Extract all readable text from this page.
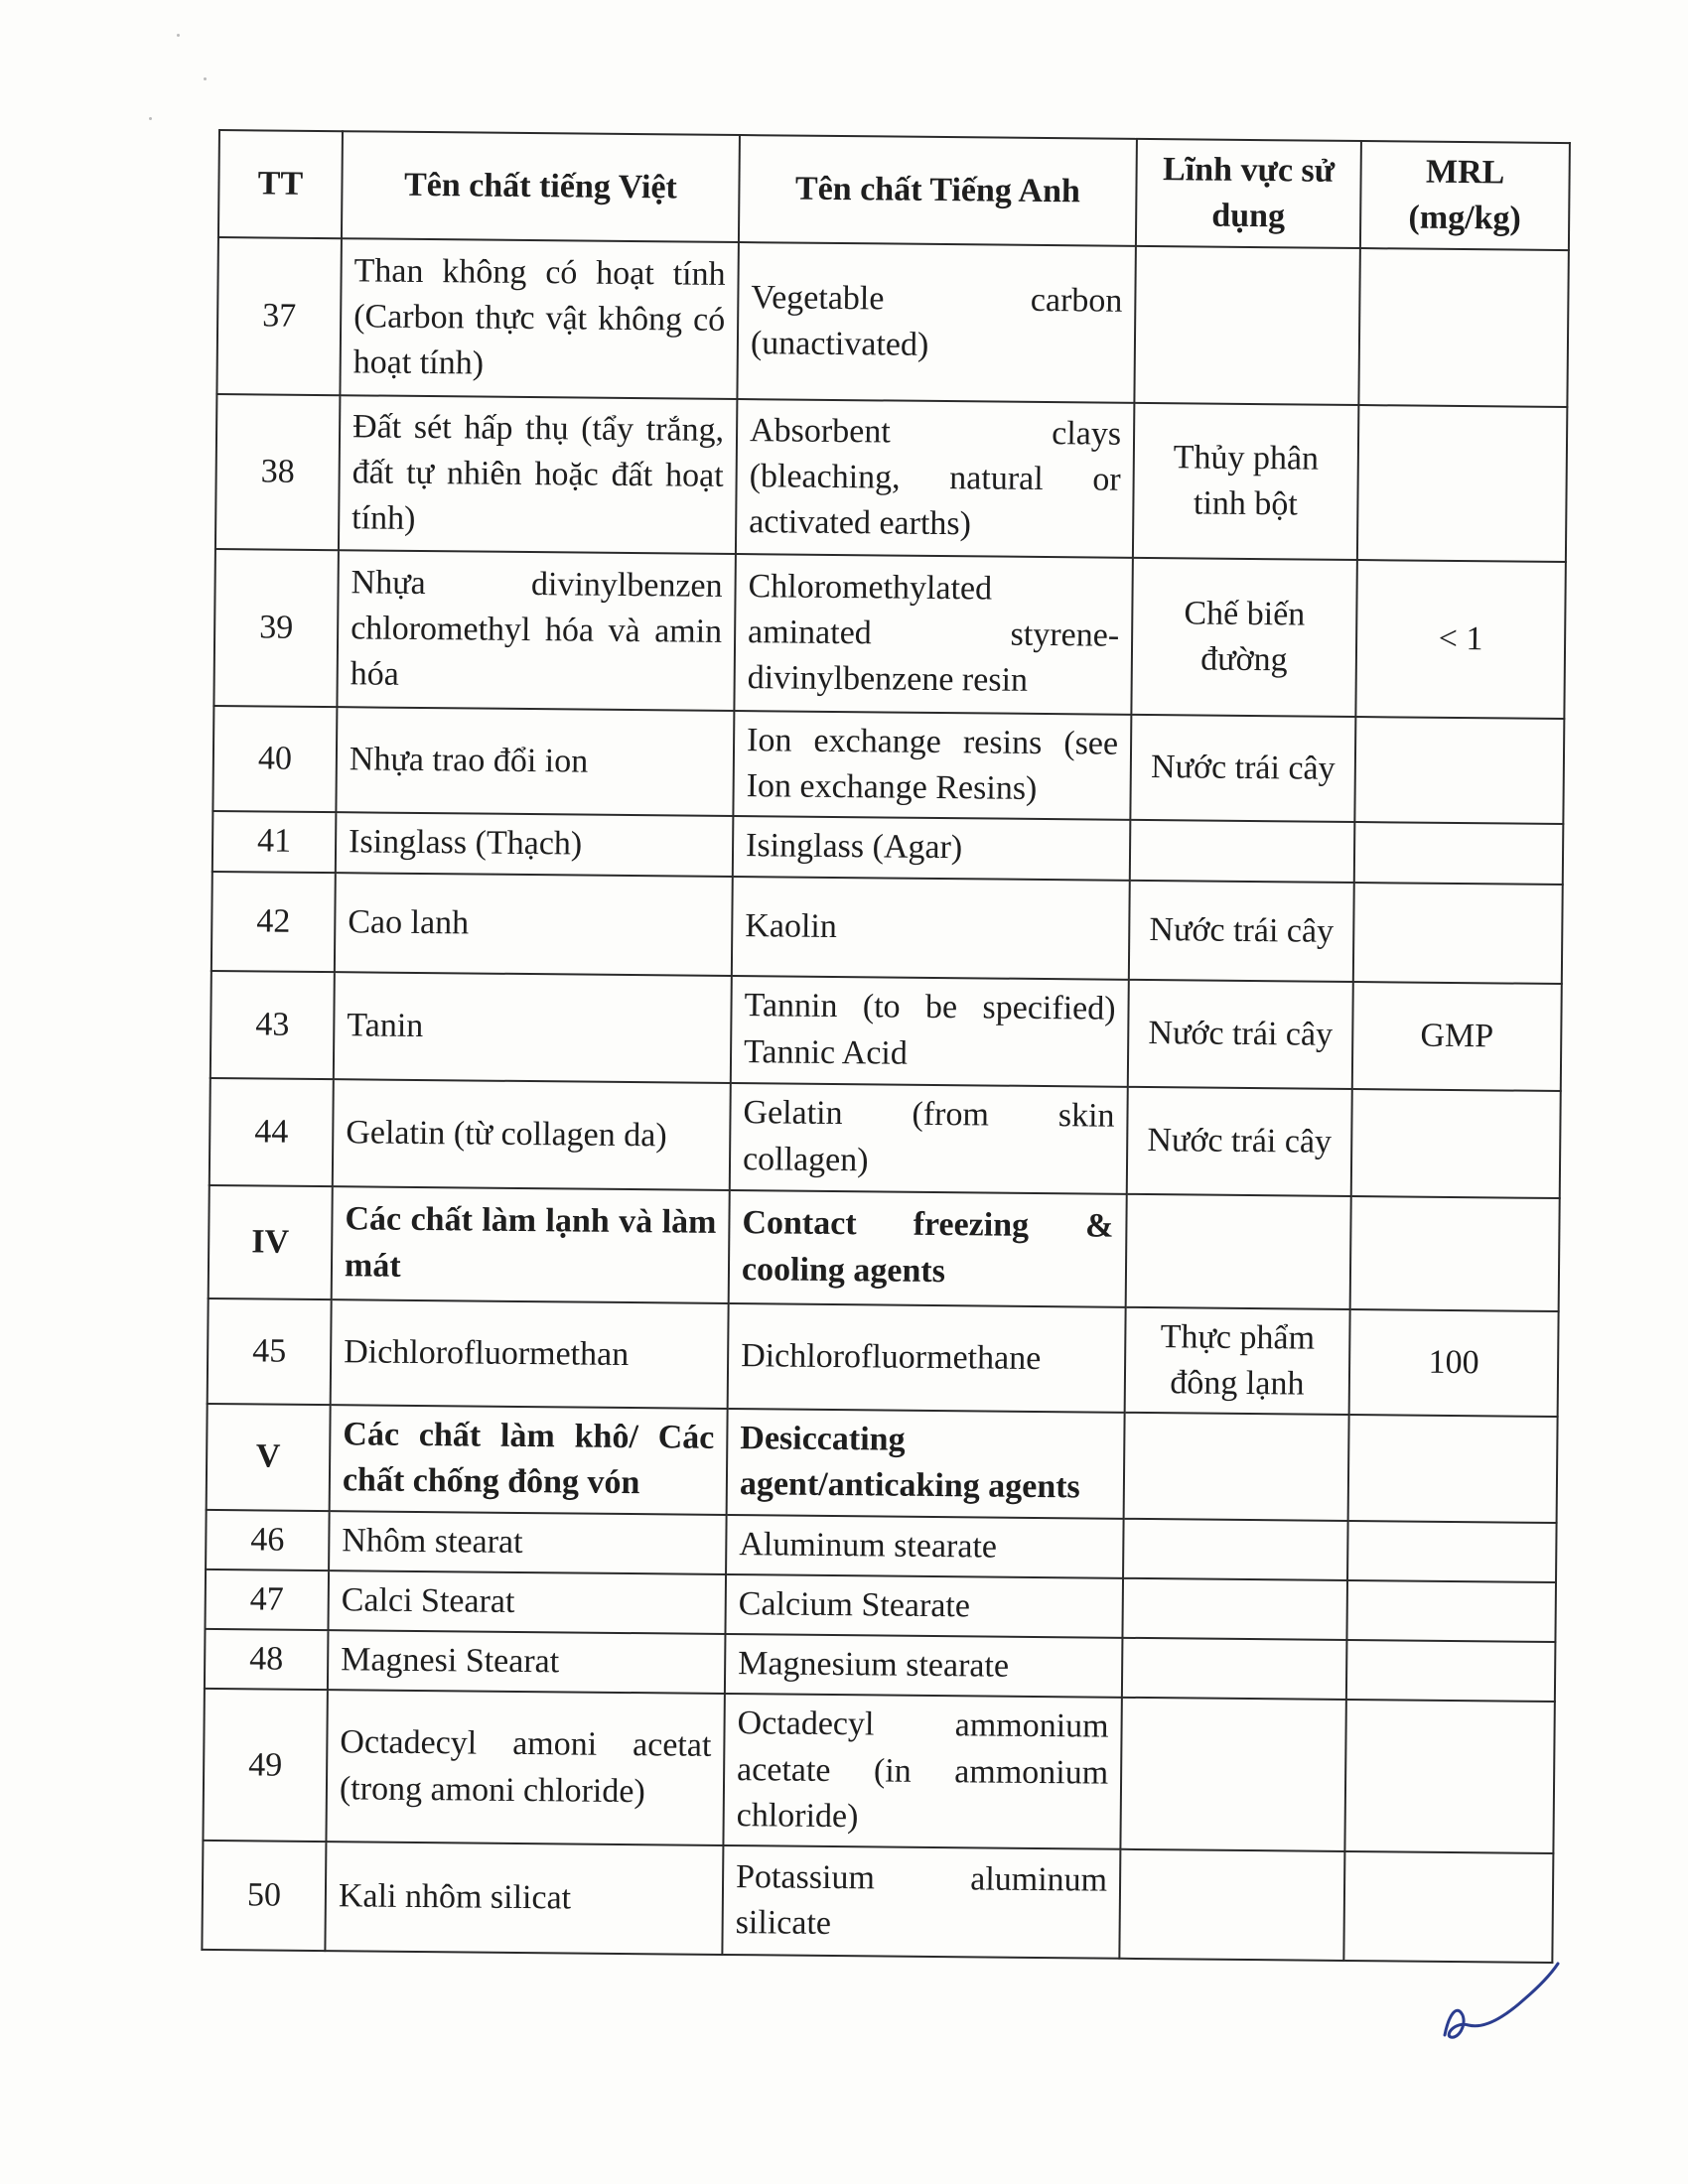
TT	Tên chất tiếng Việt	Tên chất Tiếng Anh	Lĩnh vực sử dụng	MRL (mg/kg)
37	Than không có hoạt tính (Carbon thực vật không có hoạt tính)	Vegetable carbon (unactivated)		
38	Đất sét hấp thụ (tẩy trắng, đất tự nhiên hoặc đất hoạt tính)	Absorbent clays (bleaching, natural or activated earths)	Thủy phân tinh bột	
39	Nhựa divinylbenzen chloromethyl hóa và amin hóa	Chloromethylated aminated styrene-divinylbenzene resin	Chế biến đường	< 1
40	Nhựa trao đổi ion	Ion exchange resins (see Ion exchange Resins)	Nước trái cây	
41	Isinglass (Thạch)	Isinglass (Agar)		
42	Cao lanh	Kaolin	Nước trái cây	
43	Tanin	Tannin (to be specified) Tannic Acid	Nước trái cây	GMP
44	Gelatin (từ collagen da)	Gelatin (from skin collagen)	Nước trái cây	
IV	Các chất làm lạnh và làm mát	Contact freezing & cooling agents		
45	Dichlorofluormethan	Dichlorofluormethane	Thực phẩm đông lạnh	100
V	Các chất làm khô/ Các chất chống đông vón	Desiccating agent/anticaking agents		
46	Nhôm stearat	Aluminum stearate		
47	Calci Stearat	Calcium Stearate		
48	Magnesi Stearat	Magnesium stearate		
49	Octadecyl amoni acetat (trong amoni chloride)	Octadecyl ammonium acetate (in ammonium chloride)		
50	Kali nhôm silicat	Potassium aluminum silicate		
